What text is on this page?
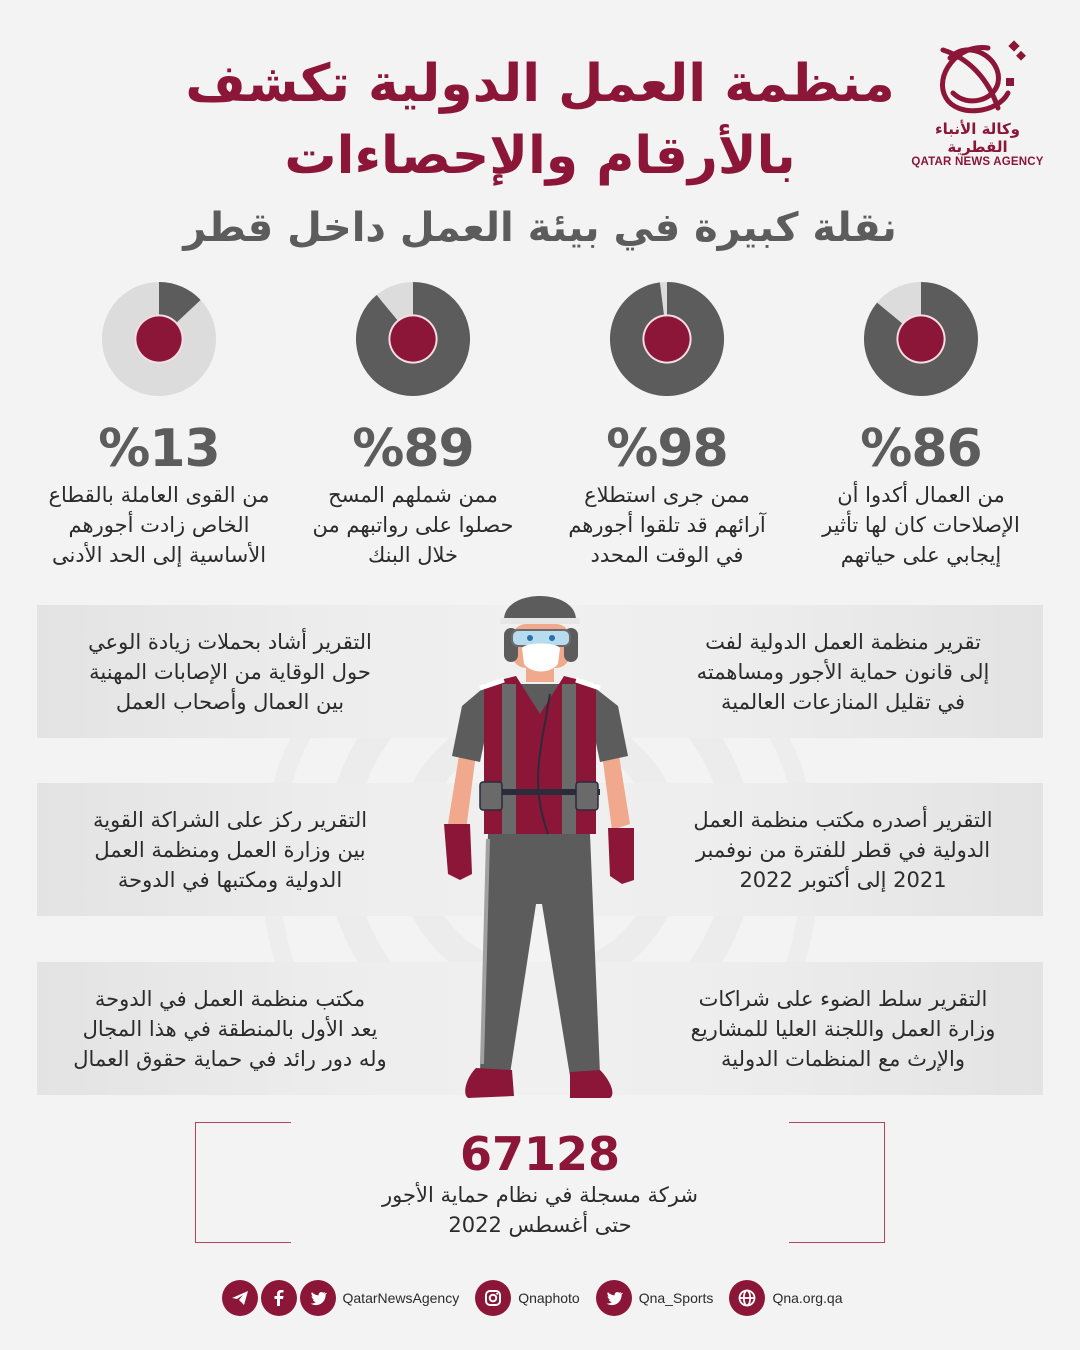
وكالة الأنباء القطرية
QATAR NEWS AGENCY
منظمة العمل الدولية تكشف
بالأرقام والإحصاءات
نقلة كبيرة في بيئة العمل داخل قطر
%86
من العمال أكدوا أن
الإصلاحات كان لها تأثير
إيجابي على حياتهم
%98
ممن جرى استطلاع
آرائهم قد تلقوا أجورهم
في الوقت المحدد
%89
ممن شملهم المسح
حصلوا على رواتبهم من
خلال البنك
%13
من القوى العاملة بالقطاع
الخاص زادت أجورهم
الأساسية إلى الحد الأدنى
تقرير منظمة العمل الدولية لفت
إلى قانون حماية الأجور ومساهمته
في تقليل المنازعات العالمية
التقرير أصدره مكتب منظمة العمل
الدولية في قطر للفترة من نوفمبر
2021 إلى أكتوبر 2022
التقرير سلط الضوء على شراكات
وزارة العمل واللجنة العليا للمشاريع
والإرث مع المنظمات الدولية
التقرير أشاد بحملات زيادة الوعي
حول الوقاية من الإصابات المهنية
بين العمال وأصحاب العمل
التقرير ركز على الشراكة القوية
بين وزارة العمل ومنظمة العمل
الدولية ومكتبها في الدوحة
مكتب منظمة العمل في الدوحة
يعد الأول بالمنطقة في هذا المجال
وله دور رائد في حماية حقوق العمال
67128
شركة مسجلة في نظام حماية الأجور
حتى أغسطس 2022
QatarNewsAgency	Qnaphoto	Qna_Sports	Qna.org.qa
